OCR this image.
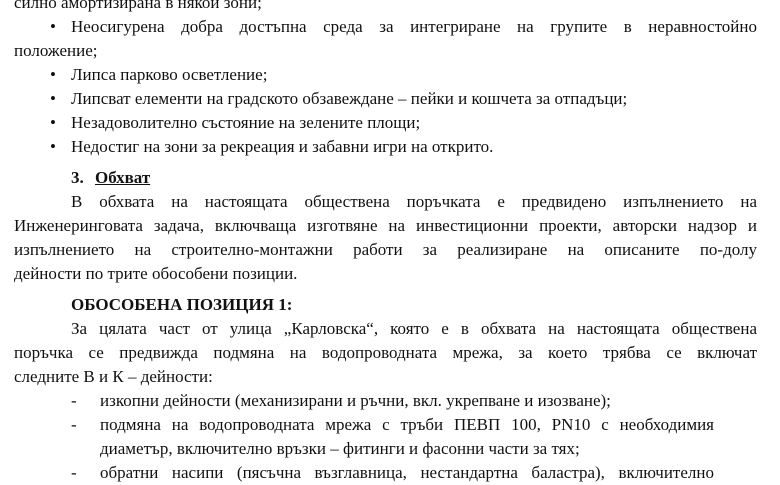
силно амортизирана в някои зони;
• Неосигурена добра достъпна среда за интегриране на групите в неравностойно
положение;
• Липса парково осветление;
• Липсват елементи на градското обзавеждане – пейки и кошчета за отпадъци;
• Незадоволително състояние на зелените площи;
• Недостиг на зони за рекреация и забавни игри на открито.
3. Обхват
В обхвата на настоящата обществена поръчката е предвидено изпълнението на
Инженеринговата задача, включваща изготвяне на инвестиционни проекти, авторски надзор и
изпълнението на строително-монтажни работи за реализиране на описаните по-долу
дейности по трите обособени позиции.
ОБОСОБЕНА ПОЗИЦИЯ 1:
За цялата част от улица „Карловска“, която е в обхвата на настоящата обществена
поръчка се предвижда подмяна на водопроводната мрежа, за което трябва се включат
следните В и К – дейности:
- изкопни дейности (механизирани и ръчни, вкл. укрепване и изозване);
- подмяна на водопроводната мрежа с тръби ПЕВП 100, PN10 с необходимия
диаметър, включително връзки – фитинги и фасонни части за тях;
- обратни насипи (пясъчна възглавница, нестандартна баластра), включително
